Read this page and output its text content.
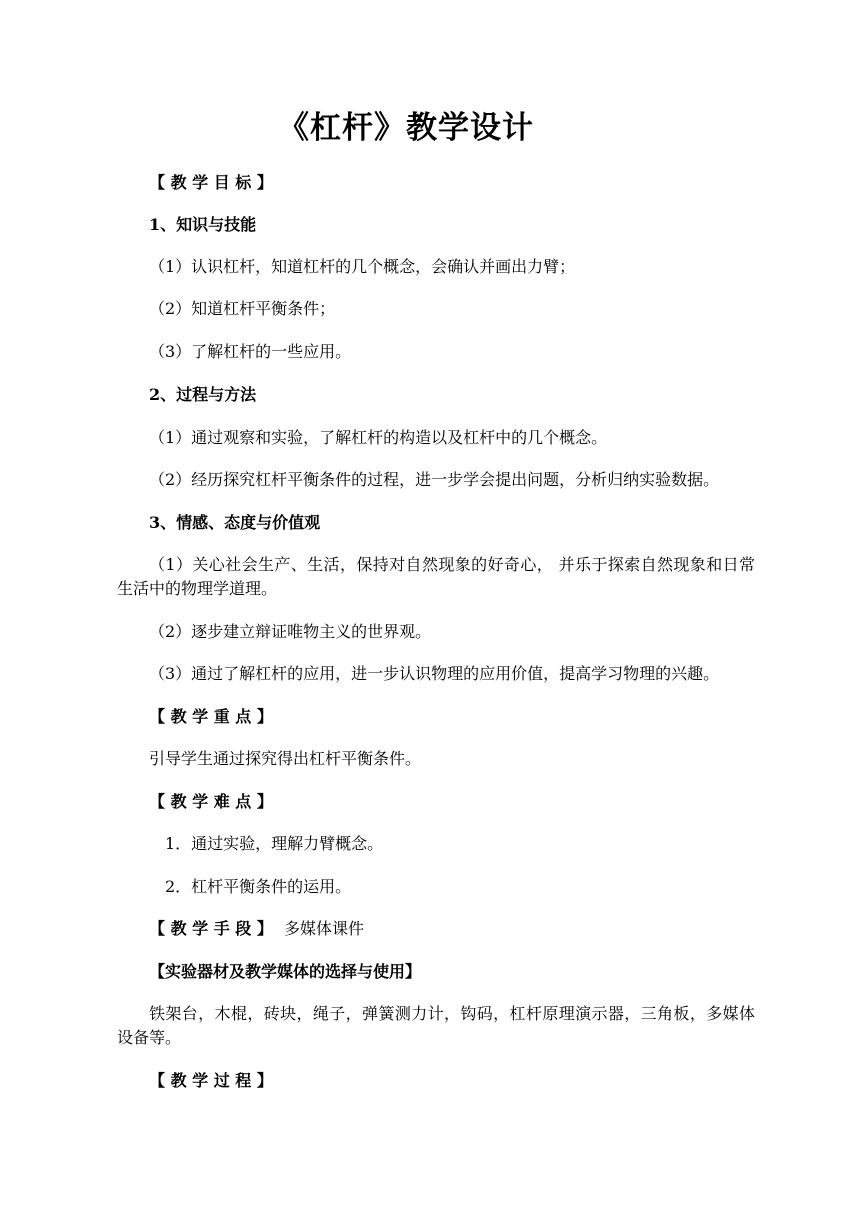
《杠杆》教学设计
【 教 学 目 标 】
1、知识与技能
（1）认识杠杆，知道杠杆的几个概念，会确认并画出力臂；
（2）知道杠杆平衡条件；
（3）了解杠杆的一些应用。
2、过程与方法
（1）通过观察和实验，了解杠杆的构造以及杠杆中的几个概念。
（2）经历探究杠杆平衡条件的过程，进一步学会提出问题，分析归纳实验数据。
3、情感、态度与价值观
（1）关心社会生产、生活，保持对自然现象的好奇心， 并乐于探索自然现象和日常生活中的物理学道理。
（2）逐步建立辩证唯物主义的世界观。
（3）通过了解杠杆的应用，进一步认识物理的应用价值，提高学习物理的兴趣。
【 教 学 重 点 】
引导学生通过探究得出杠杆平衡条件。
【 教 学 难 点 】
1．通过实验，理解力臂概念。
2．杠杆平衡条件的运用。
【 教 学 手 段 】 多媒体课件
【实验器材及教学媒体的选择与使用】
铁架台，木棍，砖块，绳子，弹簧测力计，钩码，杠杆原理演示器，三角板，多媒体设备等。
【 教 学 过 程 】
